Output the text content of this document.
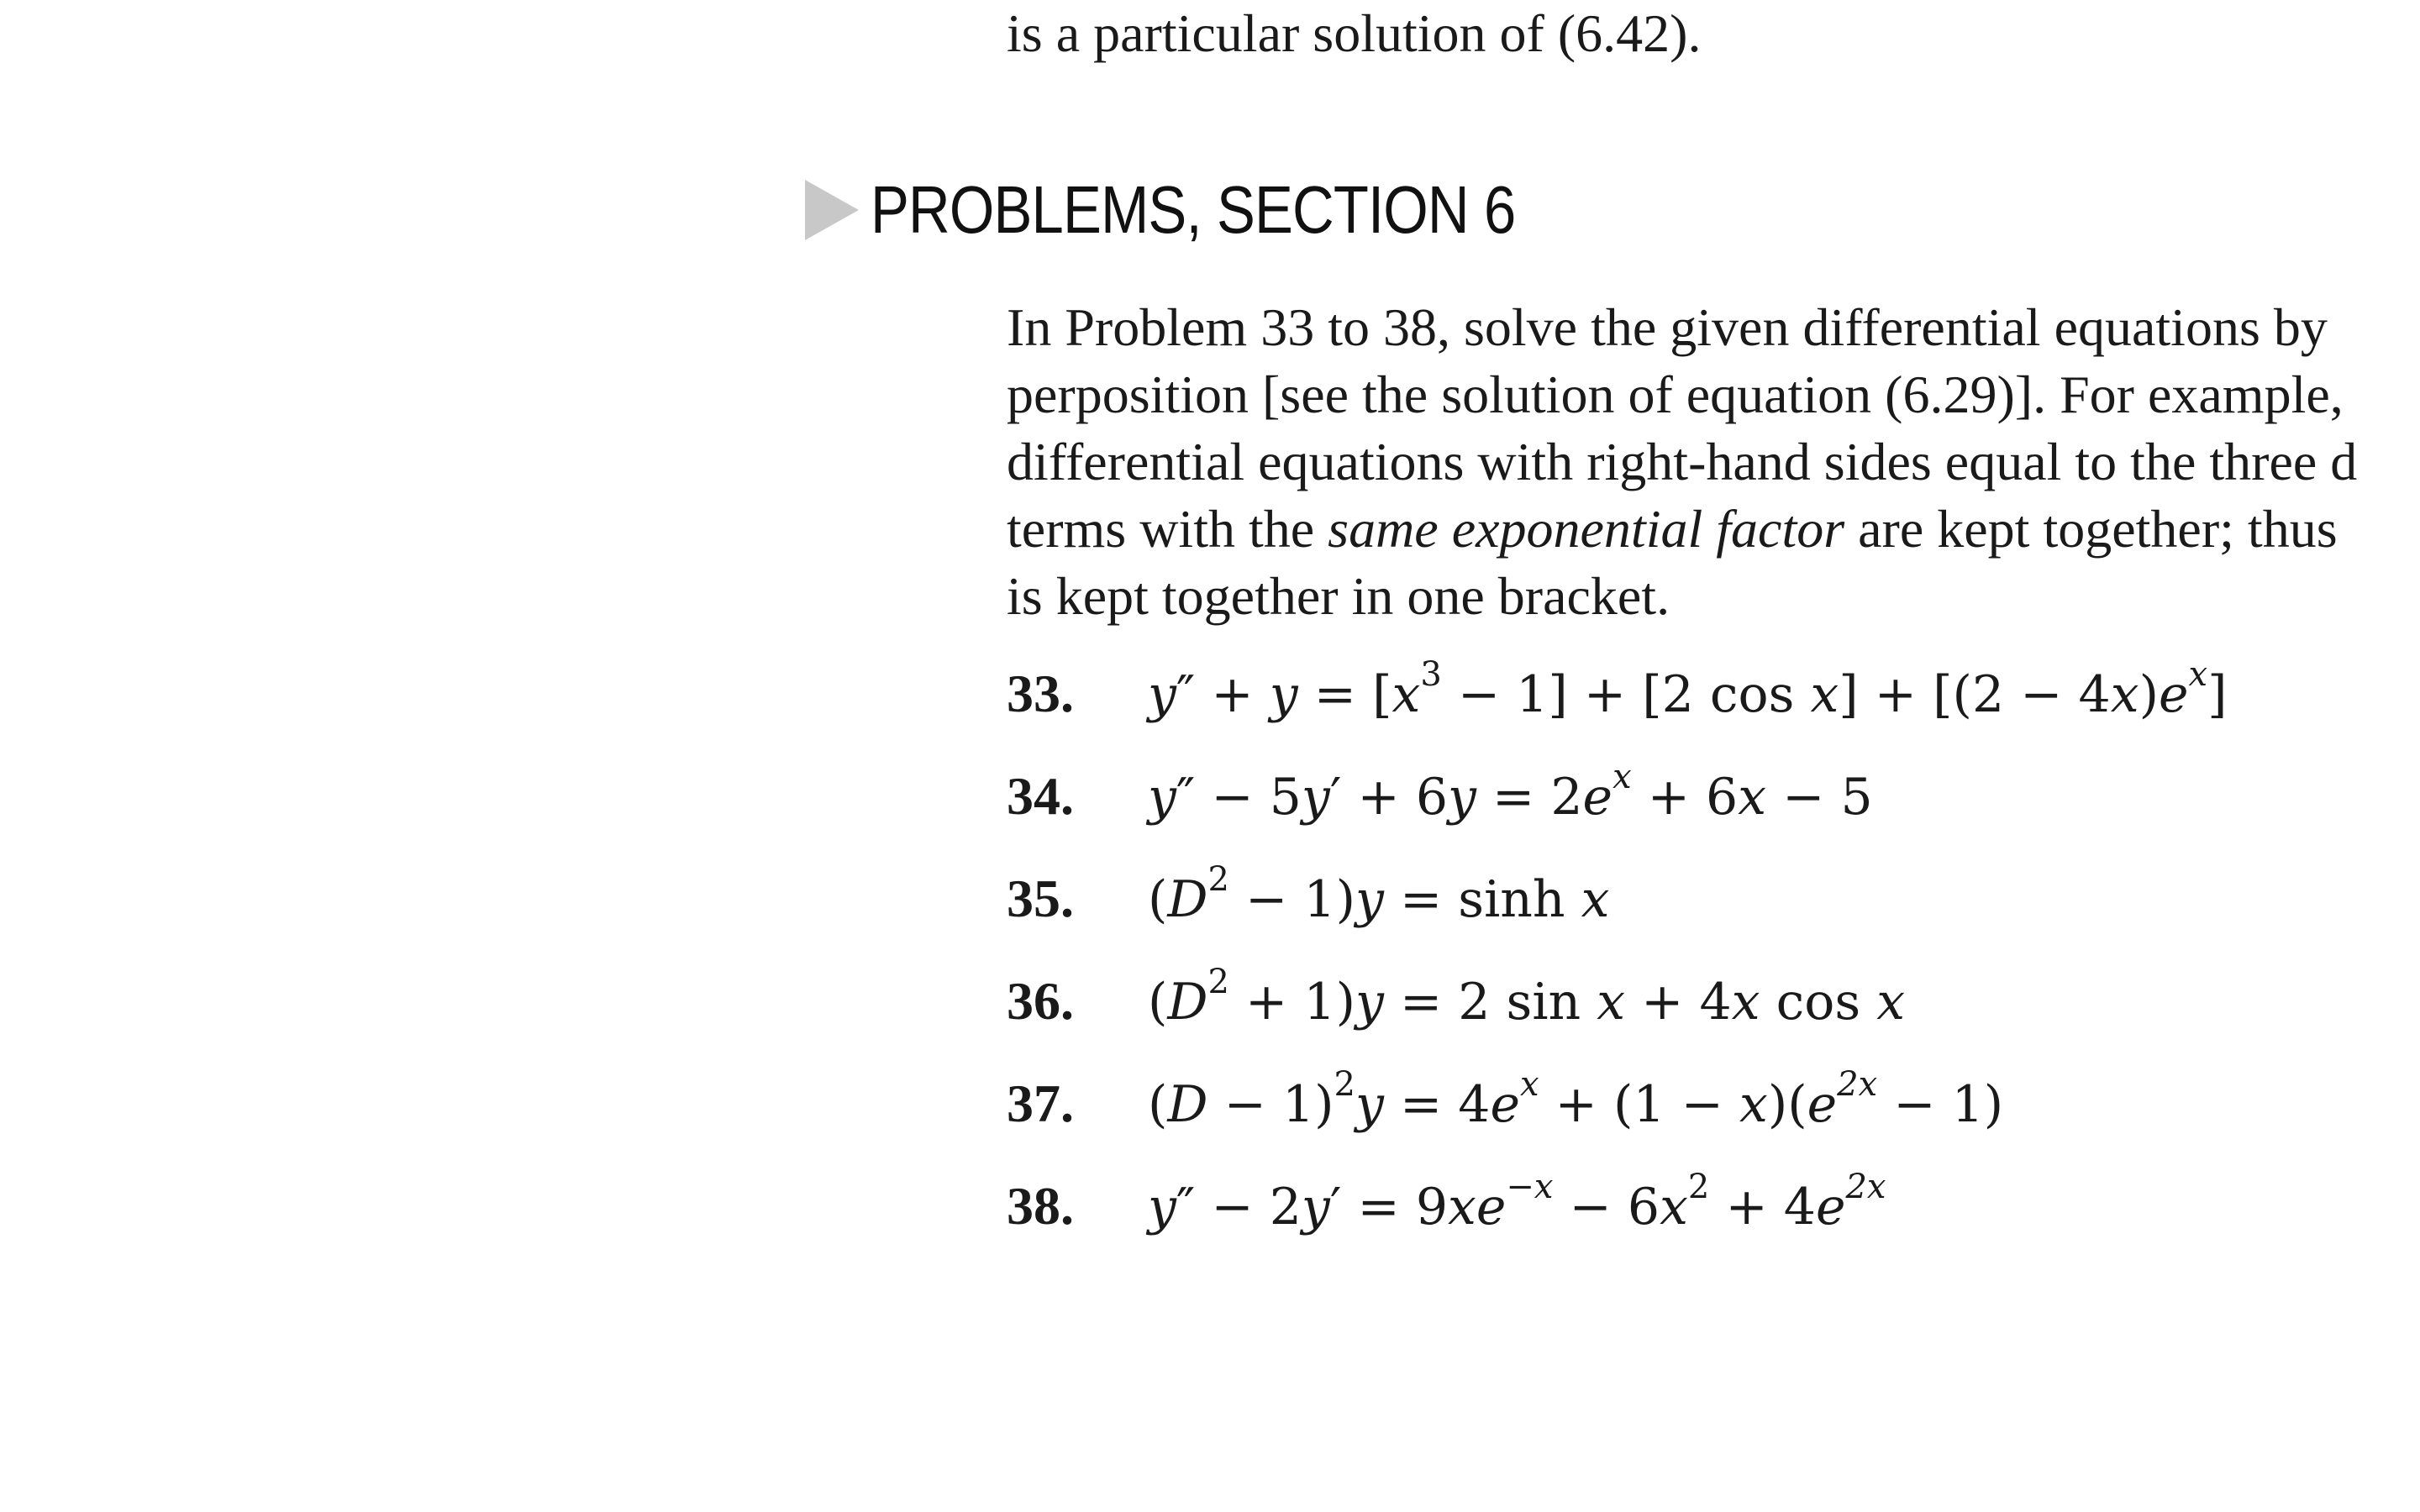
is a particular solution of (6.42).
PROBLEMS, SECTION 6
In Problem 33 to 38, solve the given differential equations by
perposition [see the solution of equation (6.29)]. For example,
differential equations with right-hand sides equal to the three d
terms with the same exponential factor are kept together; thus
is kept together in one bracket.
33. $y'' + y = [x^3 - 1] + [2$ $\cos x] + [(2 - 4x)e^x]$
34. $y'' - 5y' + 6y = 2e^x + 6x - 5$
35. $(D^2 - 1)y = \sinh x$
36. $(D^2 + 1)y = 2$ sin x + 4x cos x
37. $(D - 1)^2y = 4e^x + (1 - x)(e^{2x} - 1)$
38. $y'' - 2y' = 9xe^{-x} - 6x^2 + 4e^{2x}$
